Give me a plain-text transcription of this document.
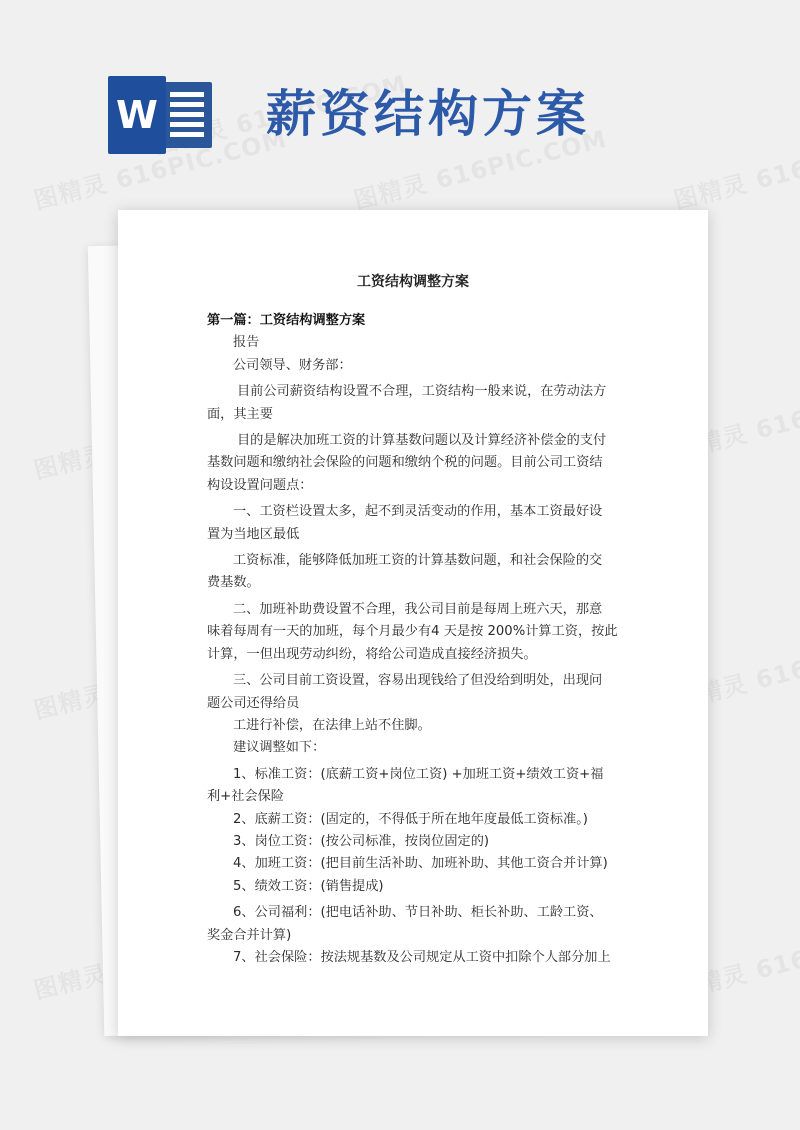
W 薪资结构方案
工资结构调整方案

第一篇：工资结构调整方案

报告

公司领导、财务部：

目前公司薪资结构设置不合理，工资结构一般来说，在劳动法方

面，其主要

目的是解决加班工资的计算基数问题以及计算经济补偿金的支付

基数问题和缴纳社会保险的问题和缴纳个税的问题。目前公司工资结

构设设置问题点：

一、工资栏设置太多，起不到灵活变动的作用，基本工资最好设

置为当地区最低

工资标准，能够降低加班工资的计算基数问题，和社会保险的交

费基数。

二、加班补助费设置不合理，我公司目前是每周上班六天，那意

味着每周有一天的加班，每个月最少有4 天是按 200%计算工资，按此

计算，一但出现劳动纠纷，将给公司造成直接经济损失。

三、公司目前工资设置，容易出现钱给了但没给到明处，出现问

题公司还得给员

工进行补偿，在法律上站不住脚。

建议调整如下：

1、标准工资：(底薪工资+岗位工资) +加班工资+绩效工资+福

利+社会保险

2、底薪工资：(固定的，不得低于所在地年度最低工资标准。)

3、岗位工资：(按公司标准，按岗位固定的)

4、加班工资：(把目前生活补助、加班补助、其他工资合并计算)

5、绩效工资：(销售提成)

6、公司福利：(把电话补助、节日补助、柜长补助、工龄工资、

奖金合并计算)

7、社会保险：按法规基数及公司规定从工资中扣除个人部分加上
